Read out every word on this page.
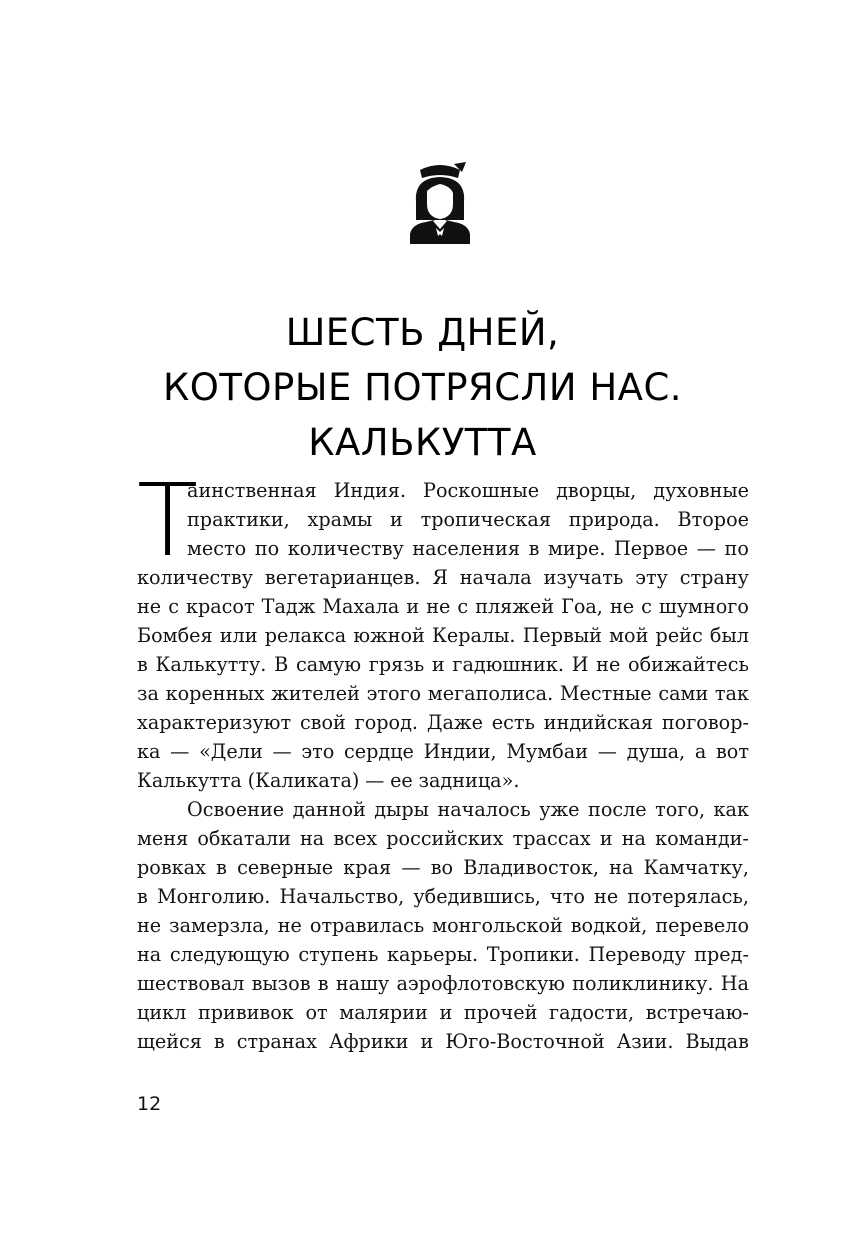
ШЕСТЬ ДНЕЙ,
КОТОРЫЕ ПОТРЯСЛИ НАС.
КАЛЬКУТТА
Т
аинственная Индия. Роскошные дворцы, духовные
практики, храмы и тропическая природа. Второе
место по количеству населения в мире. Первое — по
количеству вегетарианцев. Я начала изучать эту страну
не с красот Тадж Махала и не с пляжей Гоа, не с шумного
Бомбея или релакса южной Кералы. Первый мой рейс был
в Калькутту. В самую грязь и гадюшник. И не обижайтесь
за коренных жителей этого мегаполиса. Местные сами так
характеризуют свой город. Даже есть индийская поговор-
ка — «Дели — это сердце Индии, Мумбаи — душа, а вот
Калькутта (Каликата) — ее задница».
Освоение данной дыры началось уже после того, как
меня обкатали на всех российских трассах и на команди-
ровках в северные края — во Владивосток, на Камчатку,
в Монголию. Начальство, убедившись, что не потерялась,
не замерзла, не отравилась монгольской водкой, перевело
на следующую ступень карьеры. Тропики. Переводу пред-
шествовал вызов в нашу аэрофлотовскую поликлинику. На
цикл прививок от малярии и прочей гадости, встречаю-
щейся в странах Африки и Юго-Восточной Азии. Выдав
12
